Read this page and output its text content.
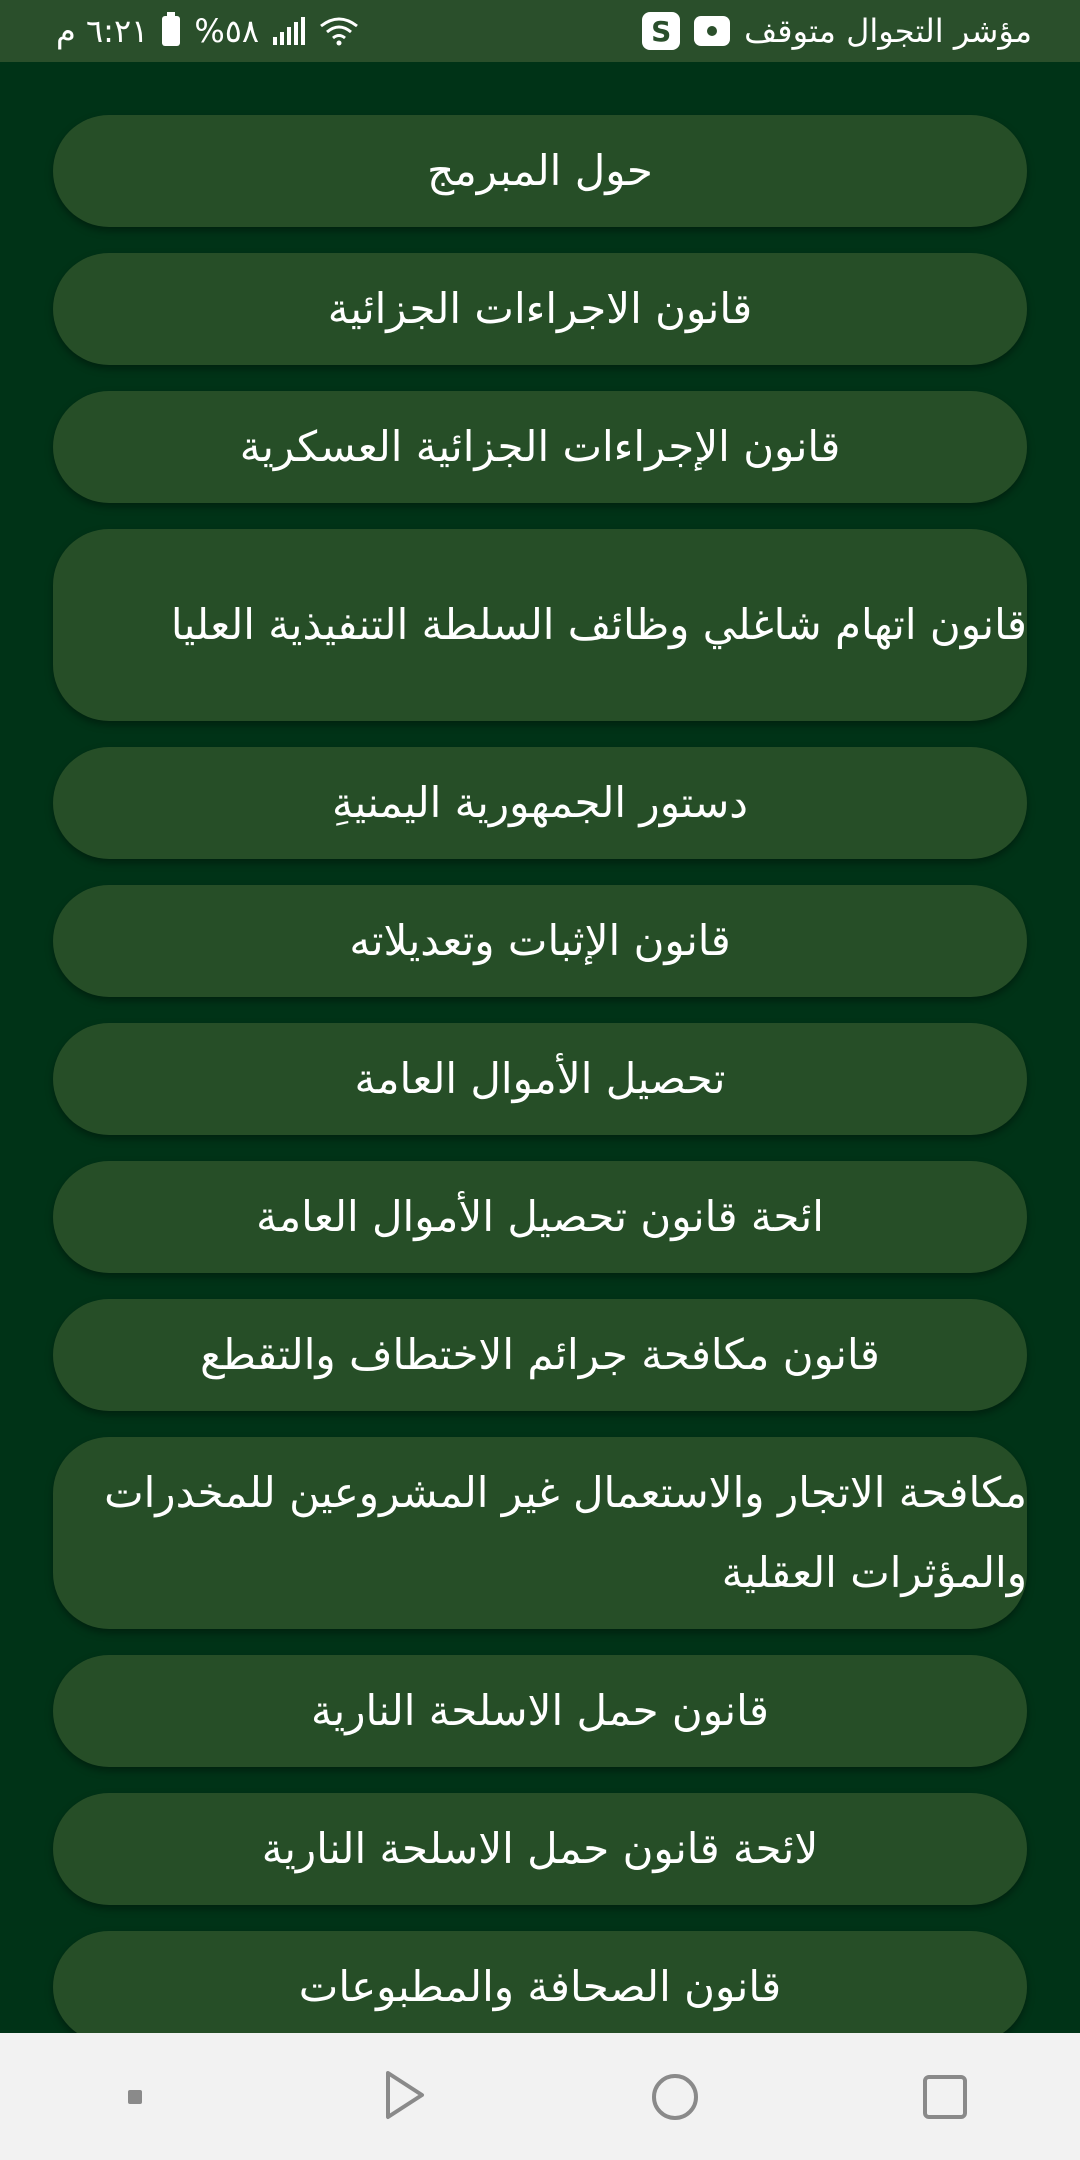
٦:٢١ م %٥٨	مؤشر التجوال متوقف
S
حول المبرمج
قانون الاجراءات الجزائية
قانون الإجراءات الجزائية العسكرية
قانون اتهام شاغلي وظائف السلطة التنفيذية العليا
دستور الجمهورية اليمنيةِ
قانون الإثبات وتعديلاته
تحصيل الأموال العامة
ائحة قانون تحصيل الأموال العامة
قانون مكافحة جرائم الاختطاف والتقطع
مكافحة الاتجار والاستعمال غير المشروعين للمخدرات والمؤثرات العقلية
قانون حمل الاسلحة النارية
لائحة قانون حمل الاسلحة النارية
قانون الصحافة والمطبوعات
